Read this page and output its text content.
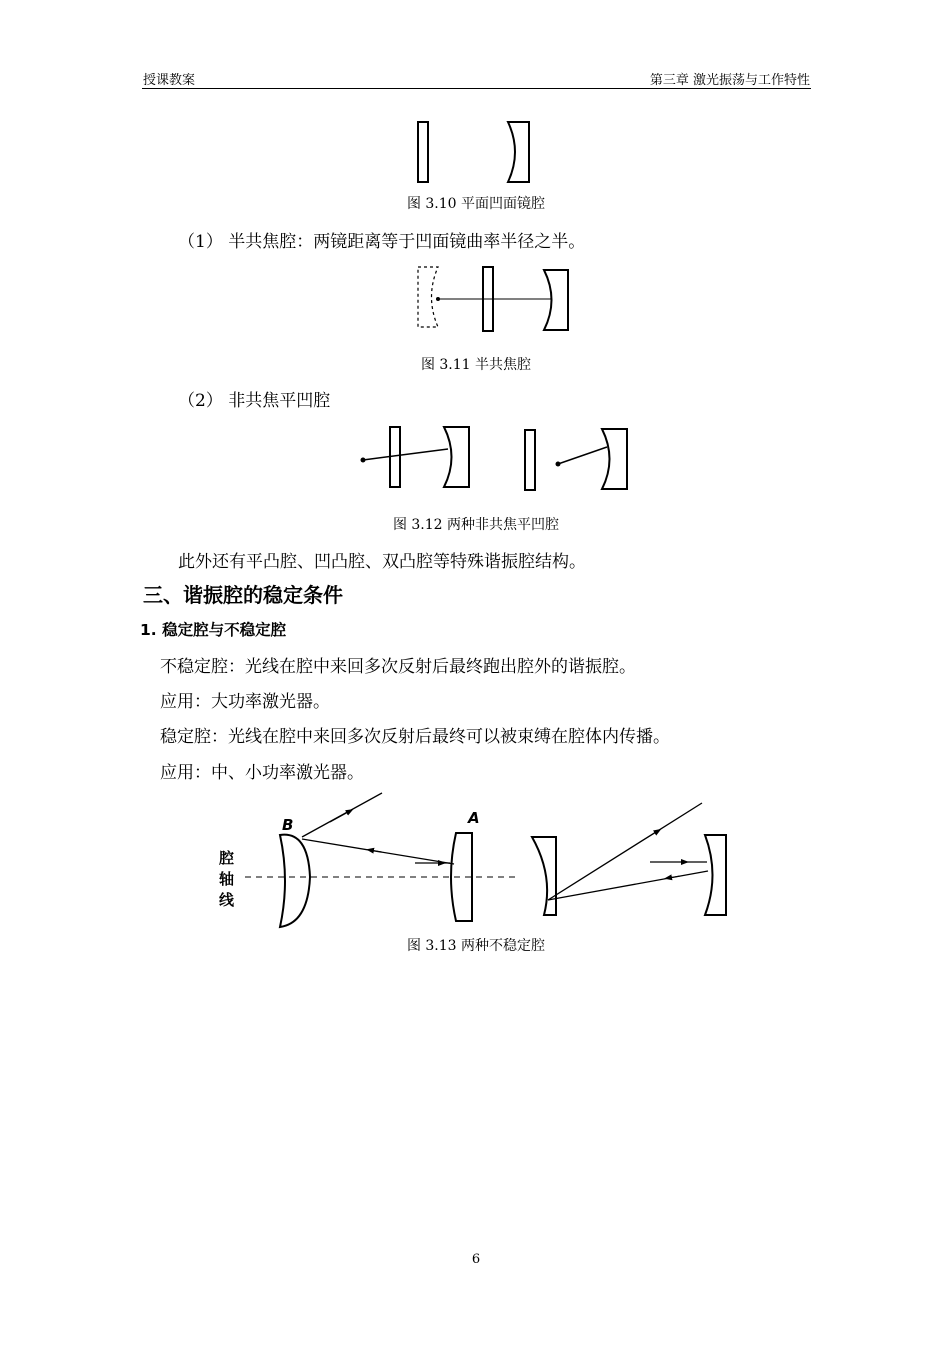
授课教案	第三章 激光振荡与工作特性
图 3.10 平面凹面镜腔
（1） 半共焦腔：两镜距离等于凹面镜曲率半径之半。
图 3.11 半共焦腔
（2） 非共焦平凹腔
图 3.12 两种非共焦平凹腔
此外还有平凸腔、凹凸腔、双凸腔等特殊谐振腔结构。
三、谐振腔的稳定条件
1. 稳定腔与不稳定腔
不稳定腔：光线在腔中来回多次反射后最终跑出腔外的谐振腔。
应用：大功率激光器。
稳定腔：光线在腔中来回多次反射后最终可以被束缚在腔体内传播。
应用：中、小功率激光器。
腔
轴
线
B	A
图 3.13 两种不稳定腔
6
